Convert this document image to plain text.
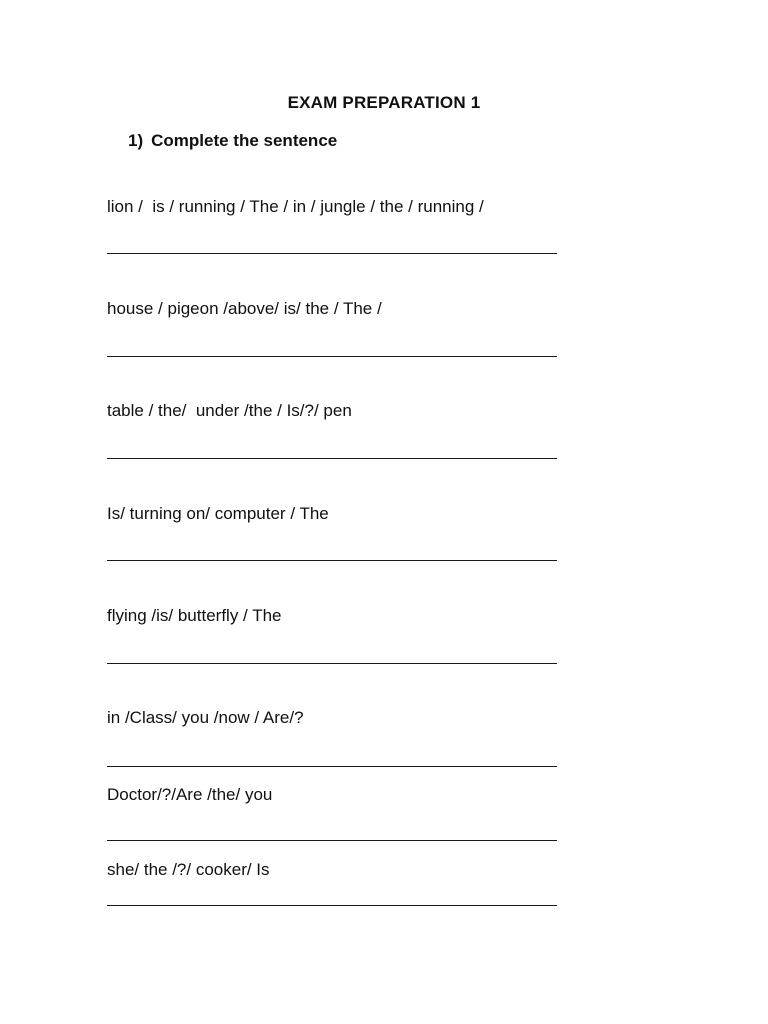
EXAM PREPARATION 1
1) Complete the sentence
lion /  is / running / The / in / jungle / the / running /
house / pigeon /above/ is/ the / The /
table / the/  under /the / Is/?/ pen
Is/ turning on/ computer / The
flying /is/ butterfly / The
in /Class/ you /now / Are/?
Doctor/?/Are /the/ you
she/ the /?/ cooker/ Is
